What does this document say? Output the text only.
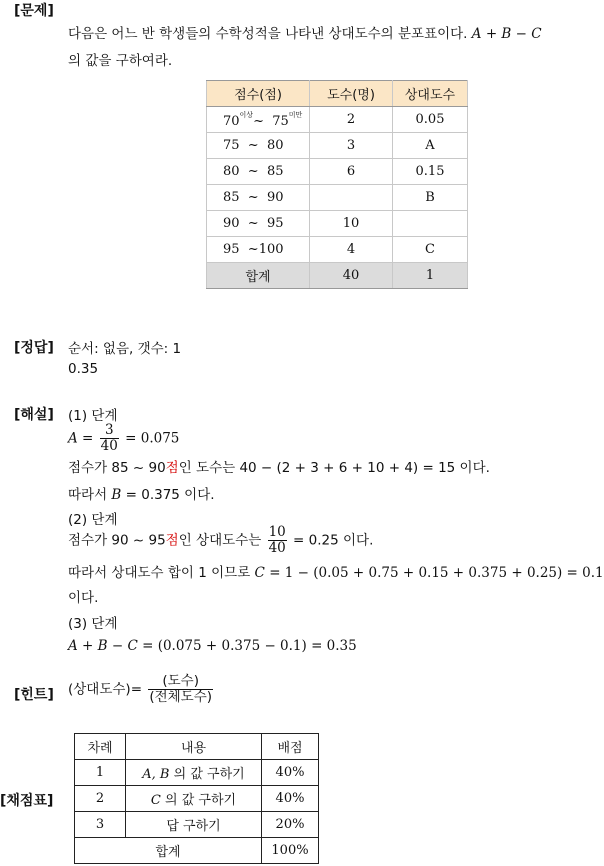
[문제]
다음은 어느 반 학생들의 수학성적을 나타낸 상대도수의 분포표이다. A + B − C
의 값을 구하여라.
점수(점)	도수(명)	상대도수
$70^{이상}\sim$  $75^{미만}$	2	0.05
75  ~  80	3	A
80  ~  85	6	0.15
85  ~  90		B
90  ~  95	10	
95  ~100	4	C
합계	40	1
[정답] 순서: 없음, 갯수: 1
0.35
[해설] (1) 단계
$A = \frac{3}{40} = 0.075$
점수가 85 ~ 90점인 도수는 40 − (2 + 3 + 6 + 10 + 4) = 15 이다.
따라서 B = 0.375 이다.
(2) 단계
점수가 90 ~ 95점인 상대도수는 $\frac{10}{40} = 0.25$ 이다.
따라서 상대도수 합이 1 이므로 C = 1 − (0.05 + 0.75 + 0.15 + 0.375 + 0.25) = 0.1
이다.
(3) 단계
A + B − C = (0.075 + 0.375 − 0.1) = 0.35
[힌트] (상대도수)= $\frac{\text{(도수)}}{\text{(전체도수)}}$
[채점표]
차례	내용	배점
1	A, B 의 값 구하기	40%
2	C 의 값 구하기	40%
3	답 구하기	20%
합계		100%
